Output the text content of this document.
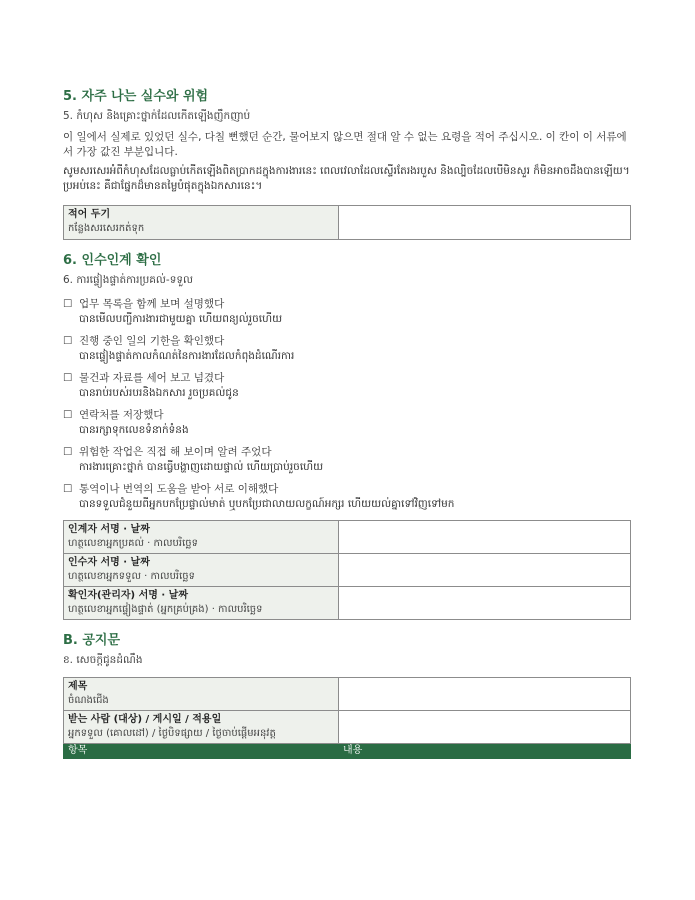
5. 자주 나는 실수와 위험
5. កំហុស និងគ្រោះថ្នាក់ដែលកើតឡើងញឹកញាប់

이 일에서 실제로 있었던 실수, 다칠 뻔했던 순간, 물어보지 않으면 절대 알 수 없는 요령을 적어 주십시오. 이 칸이 이 서류에서 가장 값진 부분입니다.

សូមសរសេរអំពីកំហុសដែលធ្លាប់កើតឡើងពិតប្រាកដក្នុងការងារនេះ ពេលវេលាដែលស្ទើរតែរងរបួស និងល្បិចដែលបើមិនសួរ ក៏មិនអាចដឹងបានឡើយ។ ប្រអប់នេះ គឺជាផ្នែកដ៏មានតម្លៃបំផុតក្នុងឯកសារនេះ។

적어 두기
កន្លែងសរសេរកត់ទុក

6. 인수인계 확인
6. ការផ្ទៀងផ្ទាត់ការប្រគល់-ទទួល
☐ 업무 목록을 함께 보며 설명했다
បានមើលបញ្ជីការងារជាមួយគ្នា ហើយពន្យល់រួចហើយ
☐ 진행 중인 일의 기한을 확인했다
បានផ្ទៀងផ្ទាត់កាលកំណត់នៃការងារដែលកំពុងដំណើរការ
☐ 물건과 자료를 세어 보고 넘겼다
បានរាប់របស់របរនិងឯកសារ រួចប្រគល់ជូន
☐ 연락처를 저장했다
បានរក្សាទុកលេខទំនាក់ទំនង
☐ 위험한 작업은 직접 해 보이며 알려 주었다
ការងារគ្រោះថ្នាក់ បានធ្វើបង្ហាញដោយផ្ទាល់ ហើយប្រាប់រួចហើយ
☐ 통역이나 번역의 도움을 받아 서로 이해했다
បានទទួលជំនួយពីអ្នកបកប្រែផ្ទាល់មាត់ ឬបកប្រែជាលាយលក្ខណ៍អក្សរ ហើយយល់គ្នាទៅវិញទៅមក
인계자 서명 · 날짜
ហត្ថលេខាអ្នកប្រគល់ · កាលបរិច្ឆេទ	

인수자 서명 · 날짜
ហត្ថលេខាអ្នកទទួល · កាលបរិច្ឆេទ	

확인자(관리자) 서명 · 날짜
ហត្ថលេខាអ្នកផ្ទៀងផ្ទាត់ (អ្នកគ្រប់គ្រង) · កាលបរិច្ឆេទ	

B. 공지문
ខ. សេចក្តីជូនដំណឹង
제목
ចំណងជើង	

받는 사람 (대상) / 게시일 / 적용일
អ្នកទទួល (គោលដៅ) / ថ្ងៃបិទផ្សាយ / ថ្ងៃចាប់ផ្តើមអនុវត្ត	

항목	내용
